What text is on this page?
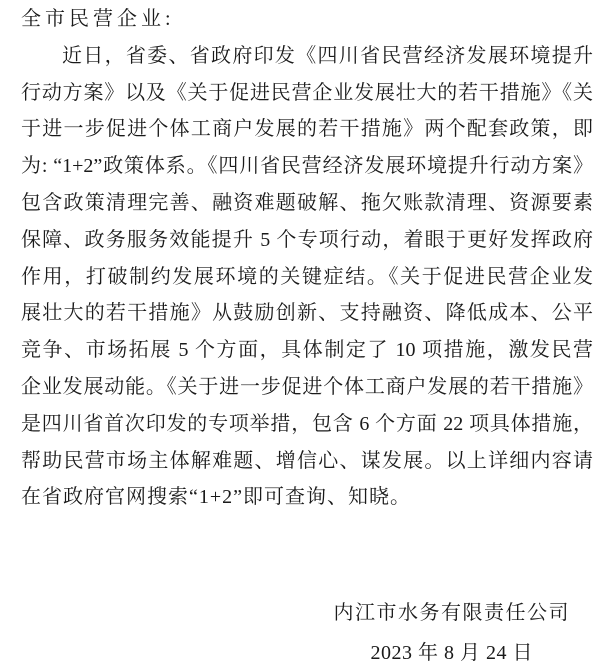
全市民营企业:
近日，省委、省政府印发《四川省民营经济发展环境提升
行动方案》以及《关于促进民营企业发展壮大的若干措施》《关
于进一步促进个体工商户发展的若干措施》两个配套政策，即
为: “1+2”政策体系。《四川省民营经济发展环境提升行动方案》
包含政策清理完善、融资难题破解、拖欠账款清理、资源要素
保障、政务服务效能提升 5 个专项行动，着眼于更好发挥政府
作用，打破制约发展环境的关键症结。《关于促进民营企业发
展壮大的若干措施》从鼓励创新、支持融资、降低成本、公平
竞争、市场拓展 5 个方面，具体制定了 10 项措施，激发民营
企业发展动能。《关于进一步促进个体工商户发展的若干措施》
是四川省首次印发的专项举措，包含 6 个方面 22 项具体措施，
帮助民营市场主体解难题、增信心、谋发展。以上详细内容请
在省政府官网搜索“1+2”即可查询、知晓。
内江市水务有限责任公司
2023 年 8 月 24 日
